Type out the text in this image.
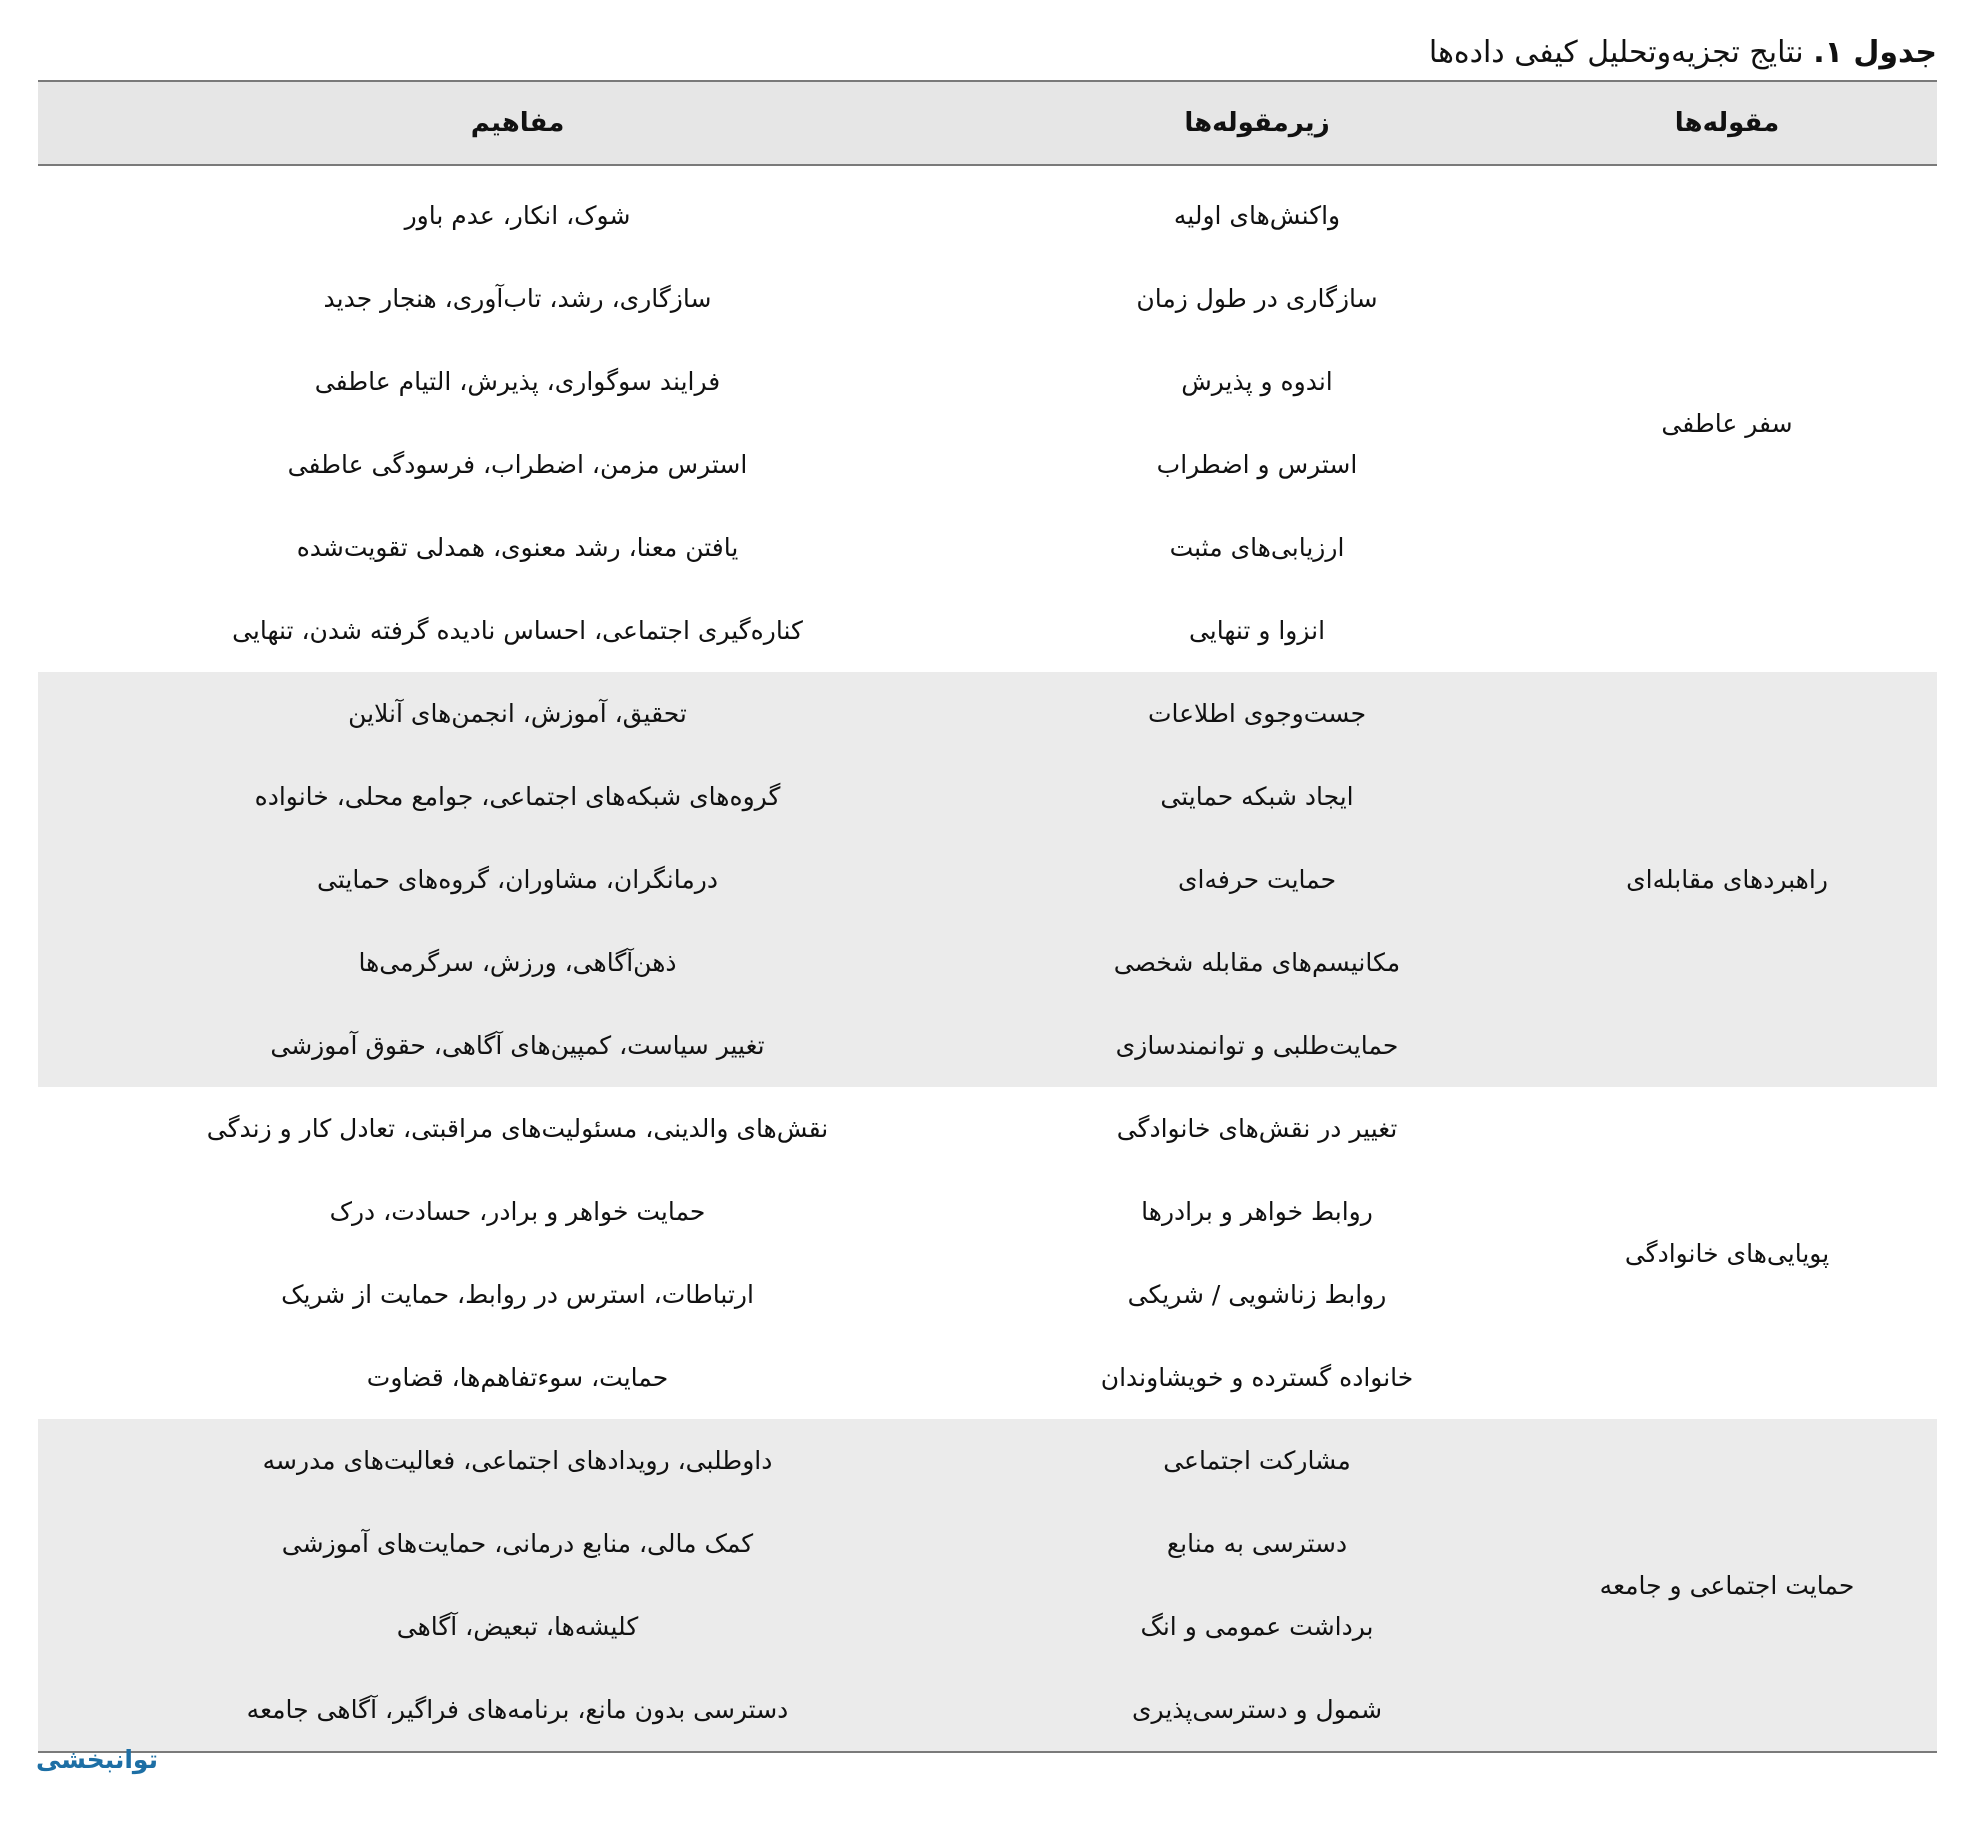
جدول ۱. نتایج تجزیه‌وتحلیل کیفی داده‌ها
مقوله‌ها	زیرمقوله‌ها	مفاهیم
سفر عاطفی	واکنش‌های اولیه	شوک، انکار، عدم باور
	سازگاری در طول زمان	سازگاری، رشد، تاب‌آوری، هنجار جدید
	اندوه و پذیرش	فرایند سوگواری، پذیرش، التیام عاطفی
	استرس و اضطراب	استرس مزمن، اضطراب، فرسودگی عاطفی
	ارزیابی‌های مثبت	یافتن معنا، رشد معنوی، همدلی تقویت‌شده
	انزوا و تنهایی	کناره‌گیری اجتماعی، احساس نادیده گرفته شدن، تنهایی
راهبردهای مقابله‌ای	جست‌وجوی اطلاعات	تحقیق، آموزش، انجمن‌های آنلاین
	ایجاد شبکه حمایتی	گروه‌های شبکه‌های اجتماعی، جوامع محلی، خانواده
	حمایت حرفه‌ای	درمانگران، مشاوران، گروه‌های حمایتی
	مکانیسم‌های مقابله شخصی	ذهن‌آگاهی، ورزش، سرگرمی‌ها
	حمایت‌طلبی و توانمندسازی	تغییر سیاست، کمپین‌های آگاهی، حقوق آموزشی
پویایی‌های خانوادگی	تغییر در نقش‌های خانوادگی	نقش‌های والدینی، مسئولیت‌های مراقبتی، تعادل کار و زندگی
	روابط خواهر و برادرها	حمایت خواهر و برادر، حسادت، درک
	روابط زناشویی / شریکی	ارتباطات، استرس در روابط، حمایت از شریک
	خانواده گسترده و خویشاوندان	حمایت، سوءتفاهم‌ها، قضاوت
حمایت اجتماعی و جامعه	مشارکت اجتماعی	داوطلبی، رویدادهای اجتماعی، فعالیت‌های مدرسه
	دسترسی به منابع	کمک مالی، منابع درمانی، حمایت‌های آموزشی
	برداشت عمومی و انگ	کلیشه‌ها، تبعیض، آگاهی
	شمول و دسترسی‌پذیری	دسترسی بدون مانع، برنامه‌های فراگیر، آگاهی جامعه
توانبخشی
